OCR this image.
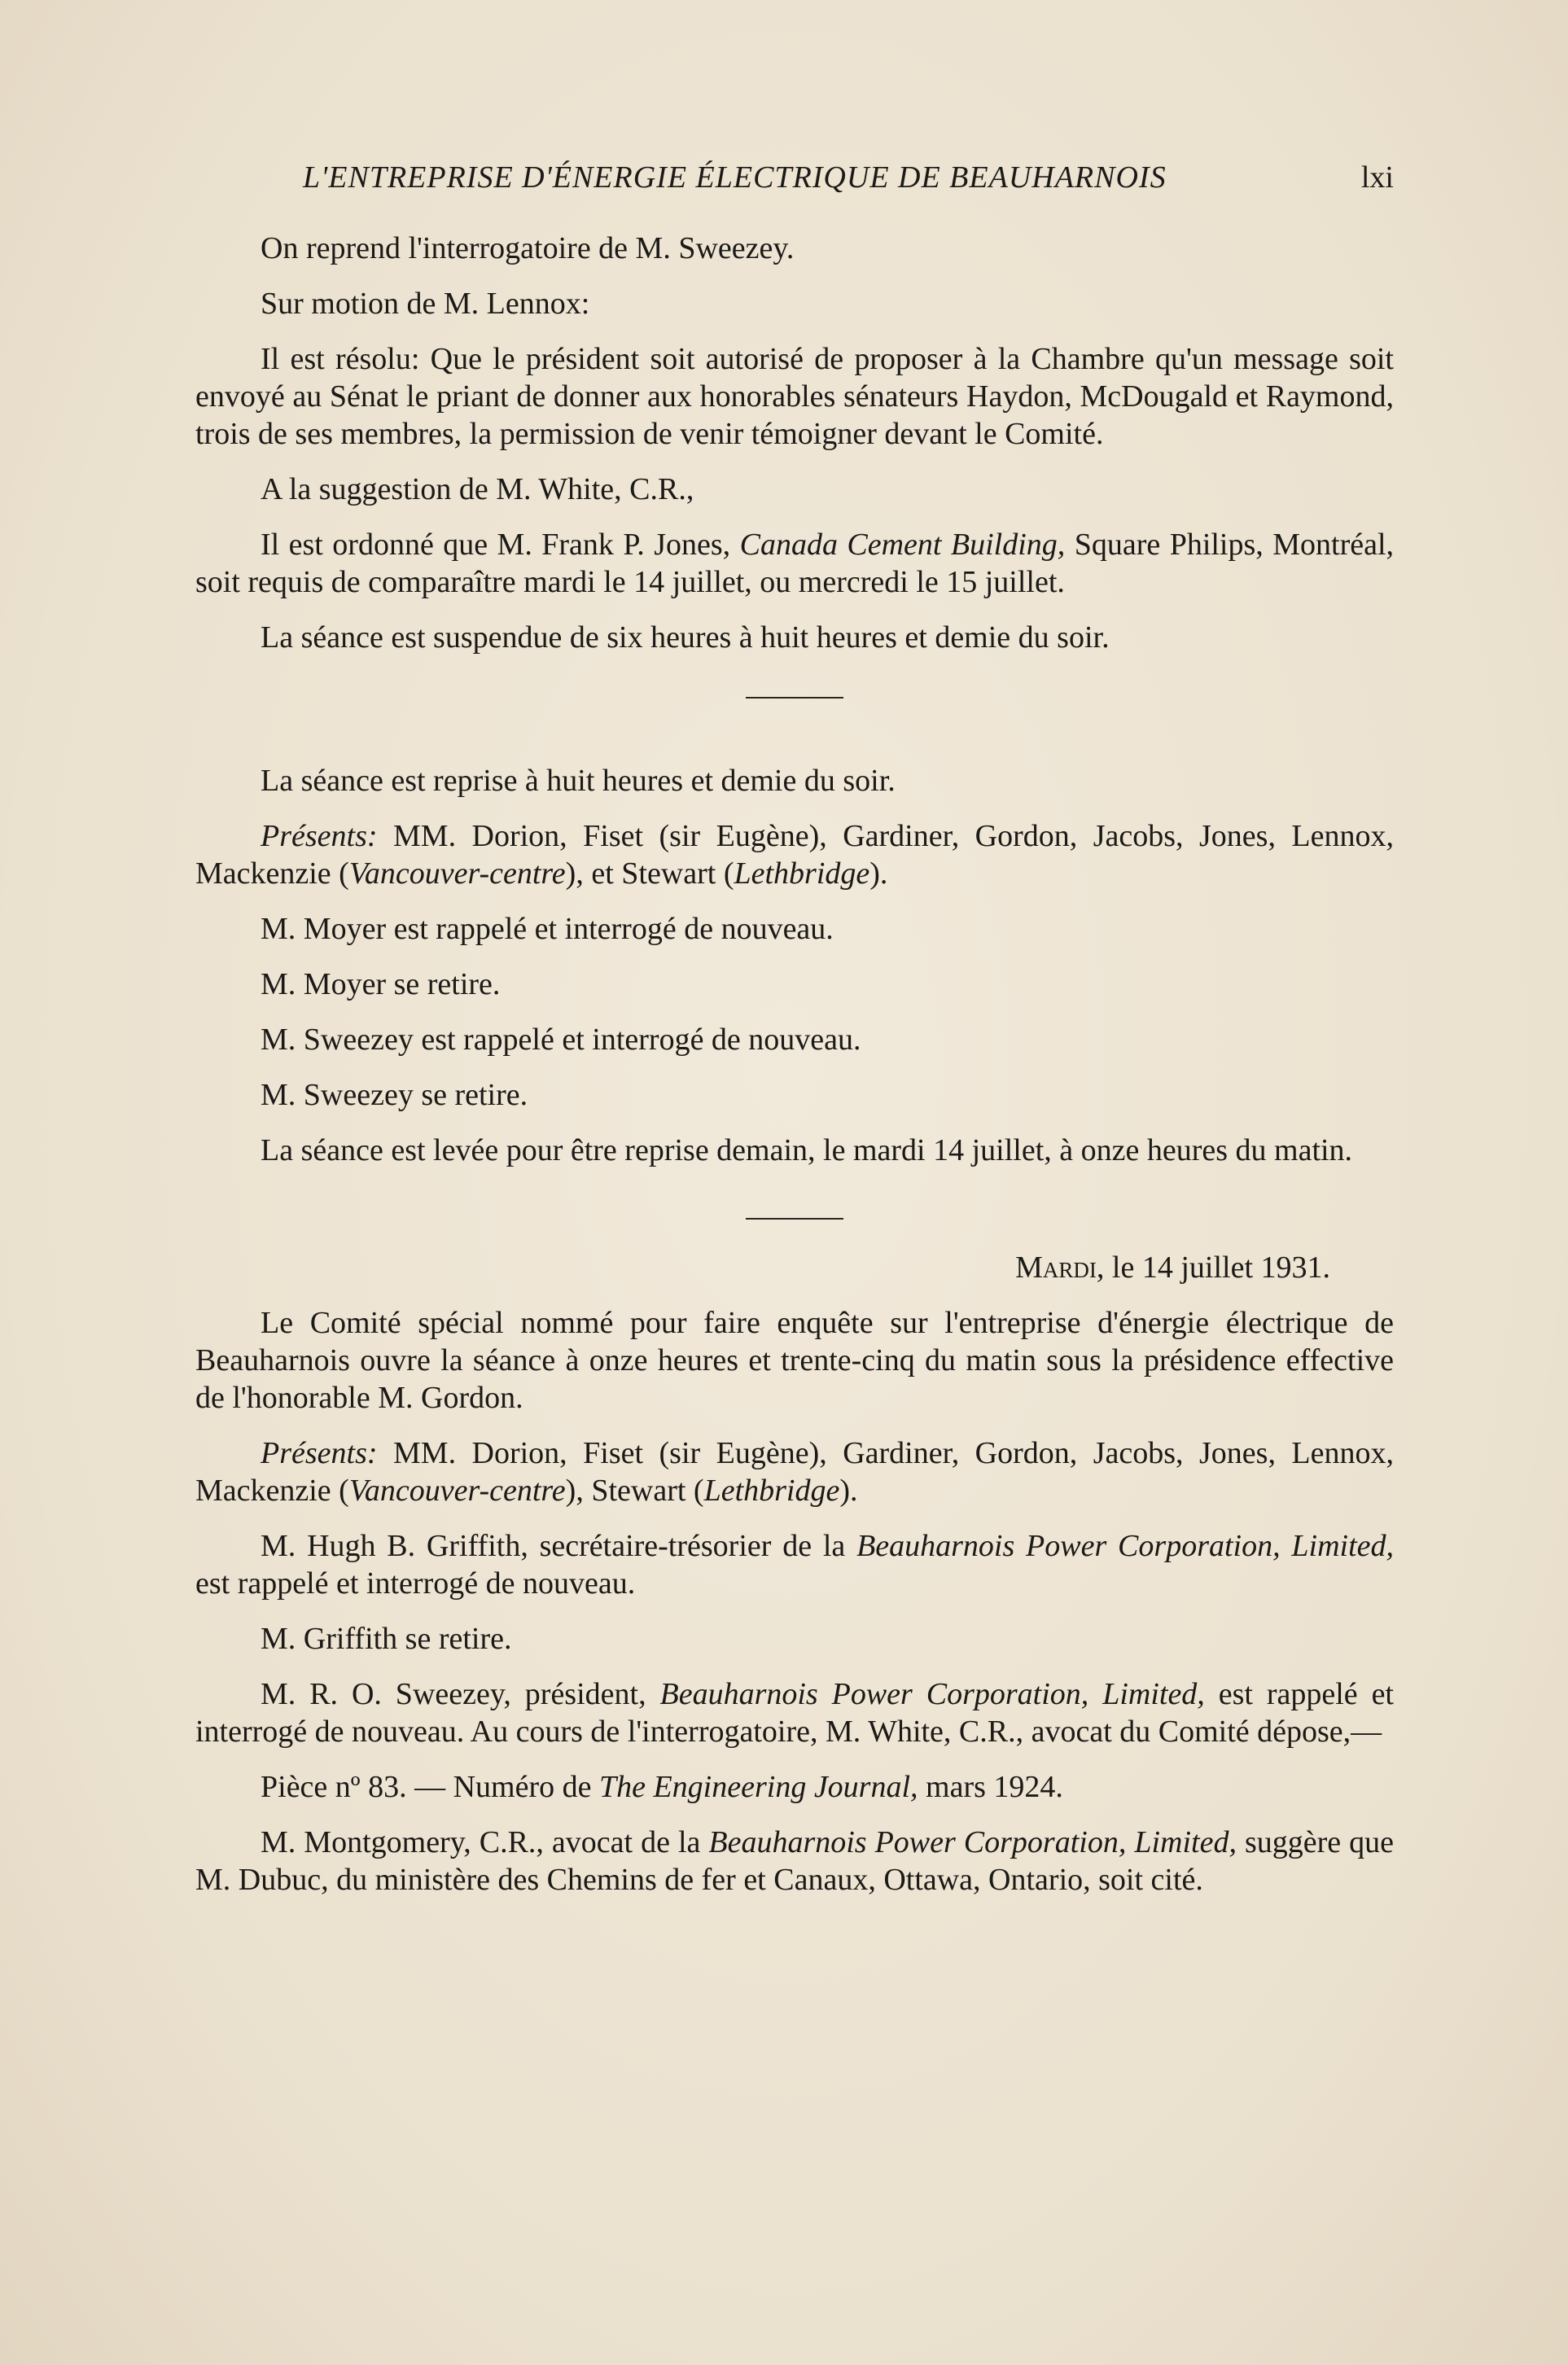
L'ENTREPRISE D'ÉNERGIE ÉLECTRIQUE DE BEAUHARNOIS	lxi

On reprend l'interrogatoire de M. Sweezey.

Sur motion de M. Lennox:

Il est résolu: Que le président soit autorisé de proposer à la Chambre qu'un message soit envoyé au Sénat le priant de donner aux honorables sénateurs Haydon, McDougald et Raymond, trois de ses membres, la permission de venir témoigner devant le Comité.

A la suggestion de M. White, C.R.,

Il est ordonné que M. Frank P. Jones, Canada Cement Building, Square Philips, Montréal, soit requis de comparaître mardi le 14 juillet, ou mercredi le 15 juillet.

La séance est suspendue de six heures à huit heures et demie du soir.

La séance est reprise à huit heures et demie du soir.

Présents: MM. Dorion, Fiset (sir Eugène), Gardiner, Gordon, Jacobs, Jones, Lennox, Mackenzie (Vancouver-centre), et Stewart (Lethbridge).

M. Moyer est rappelé et interrogé de nouveau.

M. Moyer se retire.

M. Sweezey est rappelé et interrogé de nouveau.

M. Sweezey se retire.

La séance est levée pour être reprise demain, le mardi 14 juillet, à onze heures du matin.

Mardi, le 14 juillet 1931.

Le Comité spécial nommé pour faire enquête sur l'entreprise d'énergie électrique de Beauharnois ouvre la séance à onze heures et trente-cinq du matin sous la présidence effective de l'honorable M. Gordon.

Présents: MM. Dorion, Fiset (sir Eugène), Gardiner, Gordon, Jacobs, Jones, Lennox, Mackenzie (Vancouver-centre), Stewart (Lethbridge).

M. Hugh B. Griffith, secrétaire-trésorier de la Beauharnois Power Corporation, Limited, est rappelé et interrogé de nouveau.

M. Griffith se retire.

M. R. O. Sweezey, président, Beauharnois Power Corporation, Limited, est rappelé et interrogé de nouveau. Au cours de l'interrogatoire, M. White, C.R., avocat du Comité dépose,—

Pièce nº 83. — Numéro de The Engineering Journal, mars 1924.

M. Montgomery, C.R., avocat de la Beauharnois Power Corporation, Limited, suggère que M. Dubuc, du ministère des Chemins de fer et Canaux, Ottawa, Ontario, soit cité.
